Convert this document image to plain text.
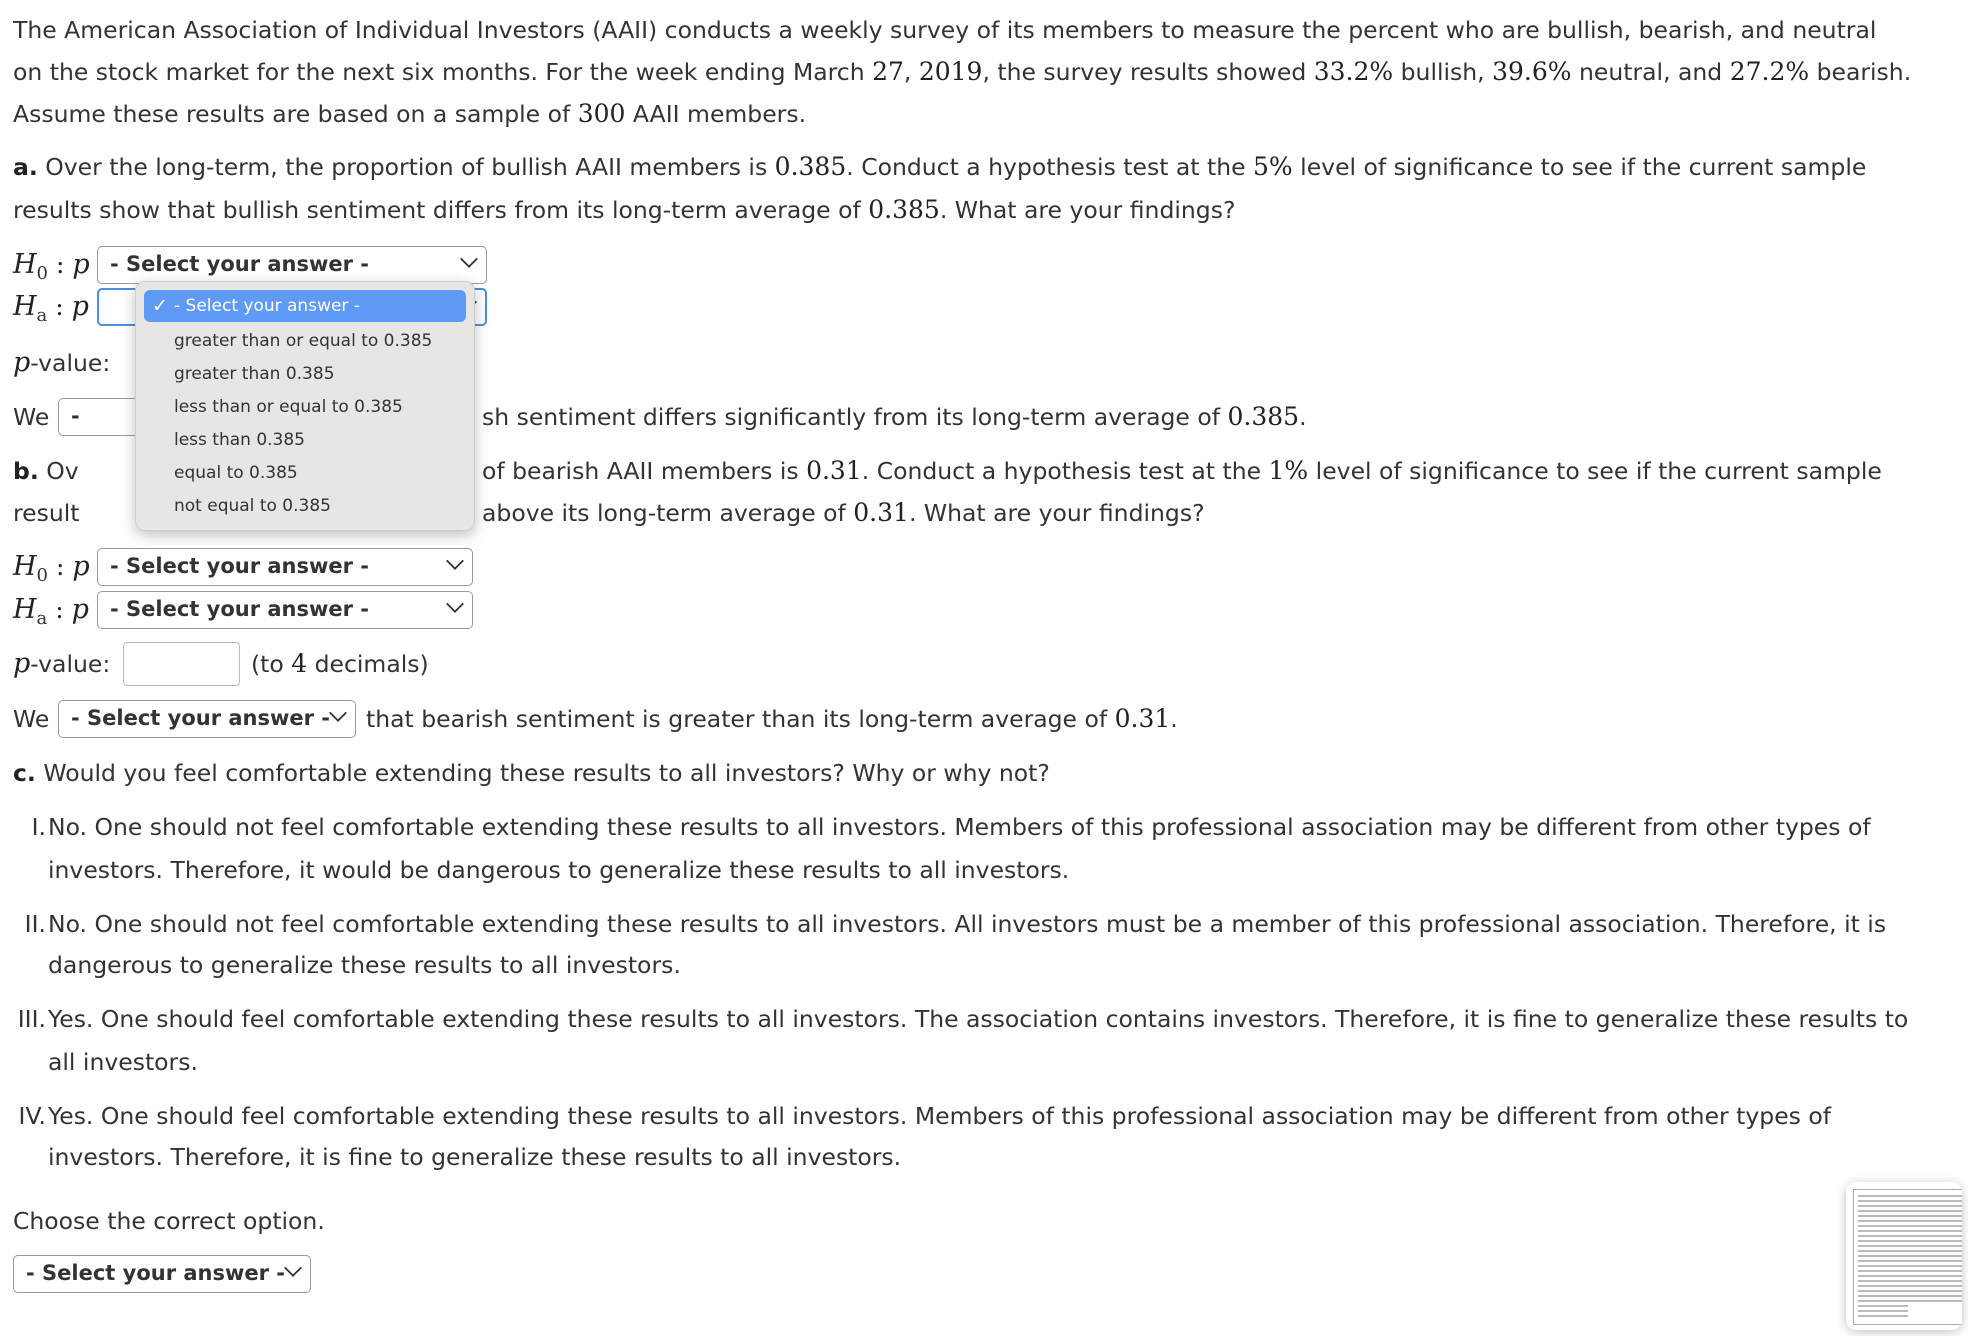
The American Association of Individual Investors (AAII) conducts a weekly survey of its members to measure the percent who are bullish, bearish, and neutral
on the stock market for the next six months. For the week ending March 27, 2019, the survey results showed 33.2% bullish, 39.6% neutral, and 27.2% bearish.
Assume these results are based on a sample of 300 AAII members.
a. Over the long-term, the proportion of bullish AAII members is 0.385. Conduct a hypothesis test at the 5% level of significance to see if the current sample
results show that bullish sentiment differs from its long-term average of 0.385. What are your findings?
$H_0$ : p - Select your answer -
$H_a$ : p
p-value:
We	-	sh sentiment differs significantly from its long-term average of 0.385.
b. Ov	of bearish AAII members is 0.31. Conduct a hypothesis test at the 1% level of significance to see if the current sample
result	above its long-term average of 0.31. What are your findings?
$H_0$ : p - Select your answer -
$H_a$ : p	- Select your answer -
p-value:	(to 4 decimals)
We	- Select your answer -	that bearish sentiment is greater than its long-term average of 0.31.
c. Would you feel comfortable extending these results to all investors? Why or why not?
I. No. One should not feel comfortable extending these results to all investors. Members of this professional association may be different from other types of
investors. Therefore, it would be dangerous to generalize these results to all investors.
II. No. One should not feel comfortable extending these results to all investors. All investors must be a member of this professional association. Therefore, it is
dangerous to generalize these results to all investors.
III. Yes. One should feel comfortable extending these results to all investors. The association contains investors. Therefore, it is fine to generalize these results to
all investors.
IV. Yes. One should feel comfortable extending these results to all investors. Members of this professional association may be different from other types of
investors. Therefore, it is fine to generalize these results to all investors.
Choose the correct option.
- Select your answer -
✓ - Select your answer -
greater than or equal to 0.385
greater than 0.385
less than or equal to 0.385
less than 0.385
equal to 0.385
not equal to 0.385
